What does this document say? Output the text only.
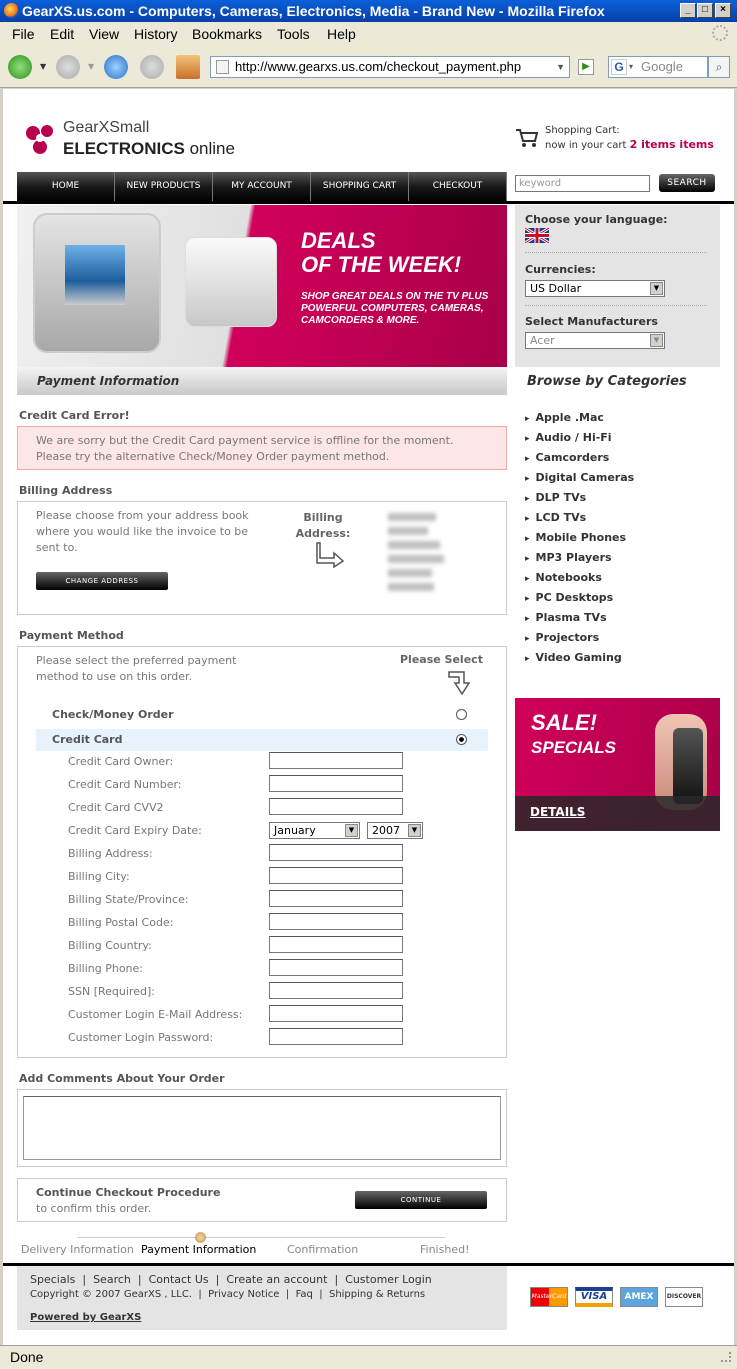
GearXS.us.com - Computers, Cameras, Electronics, Media - Brand New - Mozilla Firefox	_	□	×
File Edit View History Bookmarks Tools Help
▼	▼	http://www.gearxs.us.com/checkout_payment.php	▼	▶	G ▾ Google	⌕
GearXSmall
ELECTRONICS online
Shopping Cart:
now in your cart 2 items items
HOME	NEW PRODUCTS	MY ACCOUNT	SHOPPING CART	CHECKOUT	keyword	SEARCH
DEALS
OF THE WEEK!
SHOP GREAT DEALS ON THE TV PLUS POWERFUL COMPUTERS, CAMERAS, CAMCORDERS & MORE.
Payment Information
Credit Card Error!
We are sorry but the Credit Card payment service is offline for the moment. Please try the alternative Check/Money Order payment method.
Billing Address
Please choose from your address book where you would like the invoice to be sent to.
CHANGE ADDRESS
Billing Address:
Payment Method
Please select the preferred payment method to use on this order.
Please Select
Check/Money Order
Credit Card
Credit Card Owner:
Credit Card Number:
Credit Card CVV2
Credit Card Expiry Date:	January	▼	2007	▼
Billing Address:
Billing City:
Billing State/Province:
Billing Postal Code:
Billing Country:
Billing Phone:
SSN [Required]:
Customer Login E-Mail Address:
Customer Login Password:
Add Comments About Your Order
Continue Checkout Procedure
to confirm this order.
CONTINUE
Delivery Information Payment Information	Confirmation	Finished!
Specials  |  Search  |  Contact Us  |  Create an account  |  Customer Login
Copyright © 2007 GearXS , LLC.  |  Privacy Notice  |  Faq  |  Shipping & Returns
Powered by GearXS
MasterCard	VISA	AMEX	DISCOVER
Choose your language:
Currencies:
US Dollar	▼
Select Manufacturers
Acer	▼
Browse by Categories
▸ Apple .Mac
▸ Audio / Hi-Fi
▸ Camcorders
▸ Digital Cameras
▸ DLP TVs
▸ LCD TVs
▸ Mobile Phones
▸ MP3 Players
▸ Notebooks
▸ PC Desktops
▸ Plasma TVs
▸ Projectors
▸ Video Gaming
SALE!
SPECIALS
DETAILS
Done
